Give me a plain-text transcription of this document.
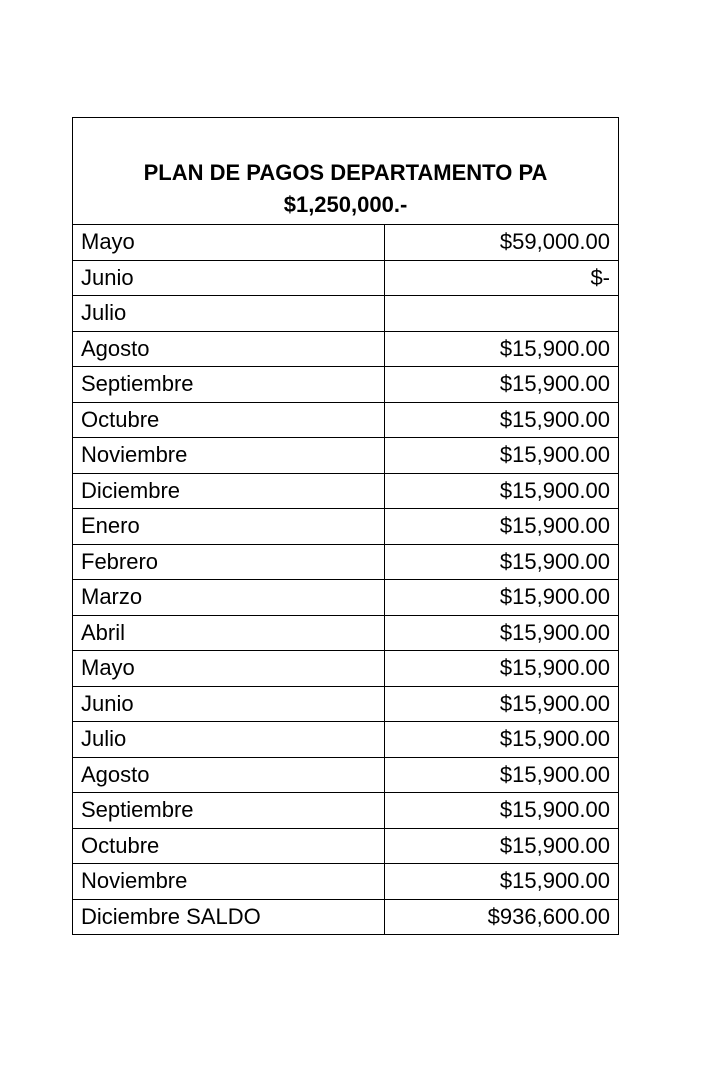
PLAN DE PAGOS DEPARTAMENTO PA
$1,250,000.-	

Mayo	$59,000.00
Junio	$-
Julio	
Agosto	$15,900.00
Septiembre	$15,900.00
Octubre	$15,900.00
Noviembre	$15,900.00
Diciembre	$15,900.00
Enero	$15,900.00
Febrero	$15,900.00
Marzo	$15,900.00
Abril	$15,900.00
Mayo	$15,900.00
Junio	$15,900.00
Julio	$15,900.00
Agosto	$15,900.00
Septiembre	$15,900.00
Octubre	$15,900.00
Noviembre	$15,900.00
Diciembre SALDO	$936,600.00
